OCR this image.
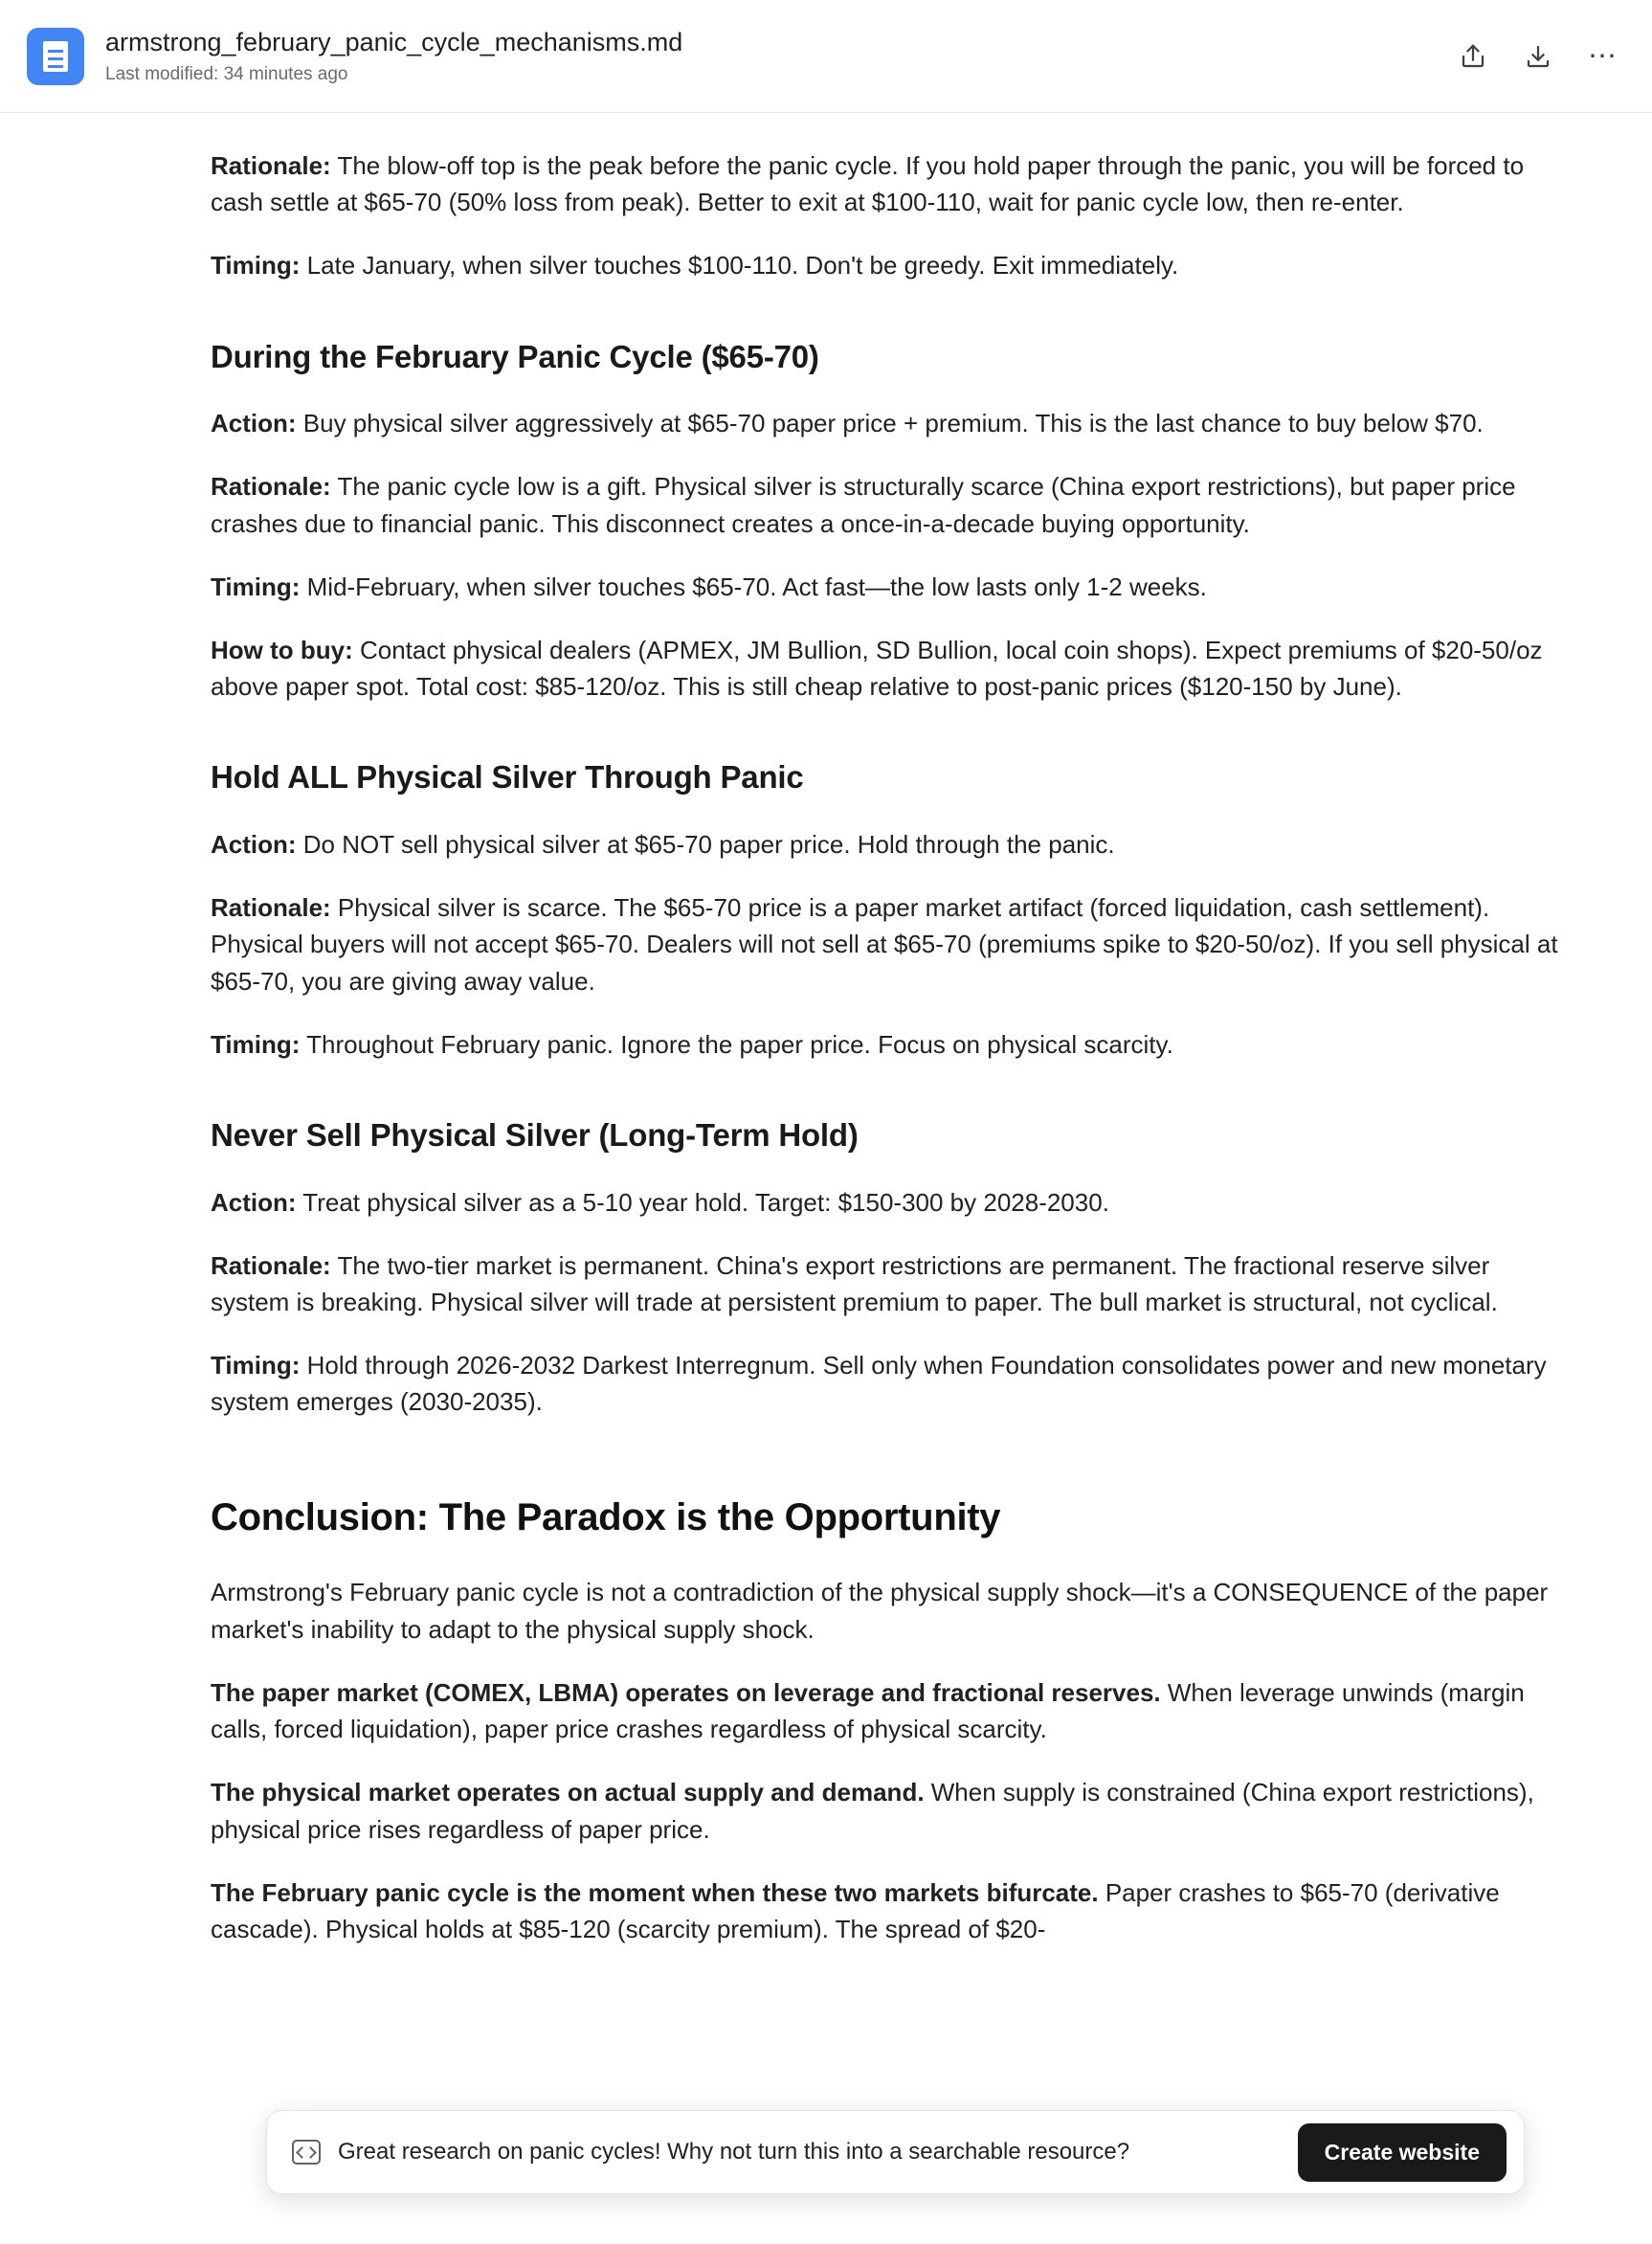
armstrong_february_panic_cycle_mechanisms.md
Last modified: 34 minutes ago
⋯

Rationale: The blow-off top is the peak before the panic cycle. If you hold paper through the panic, you will be forced to cash settle at $65-70 (50% loss from peak). Better to exit at $100-110, wait for panic cycle low, then re-enter.

Timing: Late January, when silver touches $100-110. Don't be greedy. Exit immediately.

During the February Panic Cycle ($65-70)

Action: Buy physical silver aggressively at $65-70 paper price + premium. This is the last chance to buy below $70.

Rationale: The panic cycle low is a gift. Physical silver is structurally scarce (China export restrictions), but paper price crashes due to financial panic. This disconnect creates a once-in-a-decade buying opportunity.

Timing: Mid-February, when silver touches $65-70. Act fast—the low lasts only 1-2 weeks.

How to buy: Contact physical dealers (APMEX, JM Bullion, SD Bullion, local coin shops). Expect premiums of $20-50/oz above paper spot. Total cost: $85-120/oz. This is still cheap relative to post-panic prices ($120-150 by June).

Hold ALL Physical Silver Through Panic

Action: Do NOT sell physical silver at $65-70 paper price. Hold through the panic.

Rationale: Physical silver is scarce. The $65-70 price is a paper market artifact (forced liquidation, cash settlement). Physical buyers will not accept $65-70. Dealers will not sell at $65-70 (premiums spike to $20-50/oz). If you sell physical at $65-70, you are giving away value.

Timing: Throughout February panic. Ignore the paper price. Focus on physical scarcity.

Never Sell Physical Silver (Long-Term Hold)

Action: Treat physical silver as a 5-10 year hold. Target: $150-300 by 2028-2030.

Rationale: The two-tier market is permanent. China's export restrictions are permanent. The fractional reserve silver system is breaking. Physical silver will trade at persistent premium to paper. The bull market is structural, not cyclical.

Timing: Hold through 2026-2032 Darkest Interregnum. Sell only when Foundation consolidates power and new monetary system emerges (2030-2035).

Conclusion: The Paradox is the Opportunity

Armstrong's February panic cycle is not a contradiction of the physical supply shock—it's a CONSEQUENCE of the paper market's inability to adapt to the physical supply shock.

The paper market (COMEX, LBMA) operates on leverage and fractional reserves. When leverage unwinds (margin calls, forced liquidation), paper price crashes regardless of physical scarcity.

The physical market operates on actual supply and demand. When supply is constrained (China export restrictions), physical price rises regardless of paper price.

The February panic cycle is the moment when these two markets bifurcate. Paper crashes to $65-70 (derivative cascade). Physical holds at $85-120 (scarcity premium). The spread of $20-

Great research on panic cycles! Why not turn this into a searchable resource?	Create website
